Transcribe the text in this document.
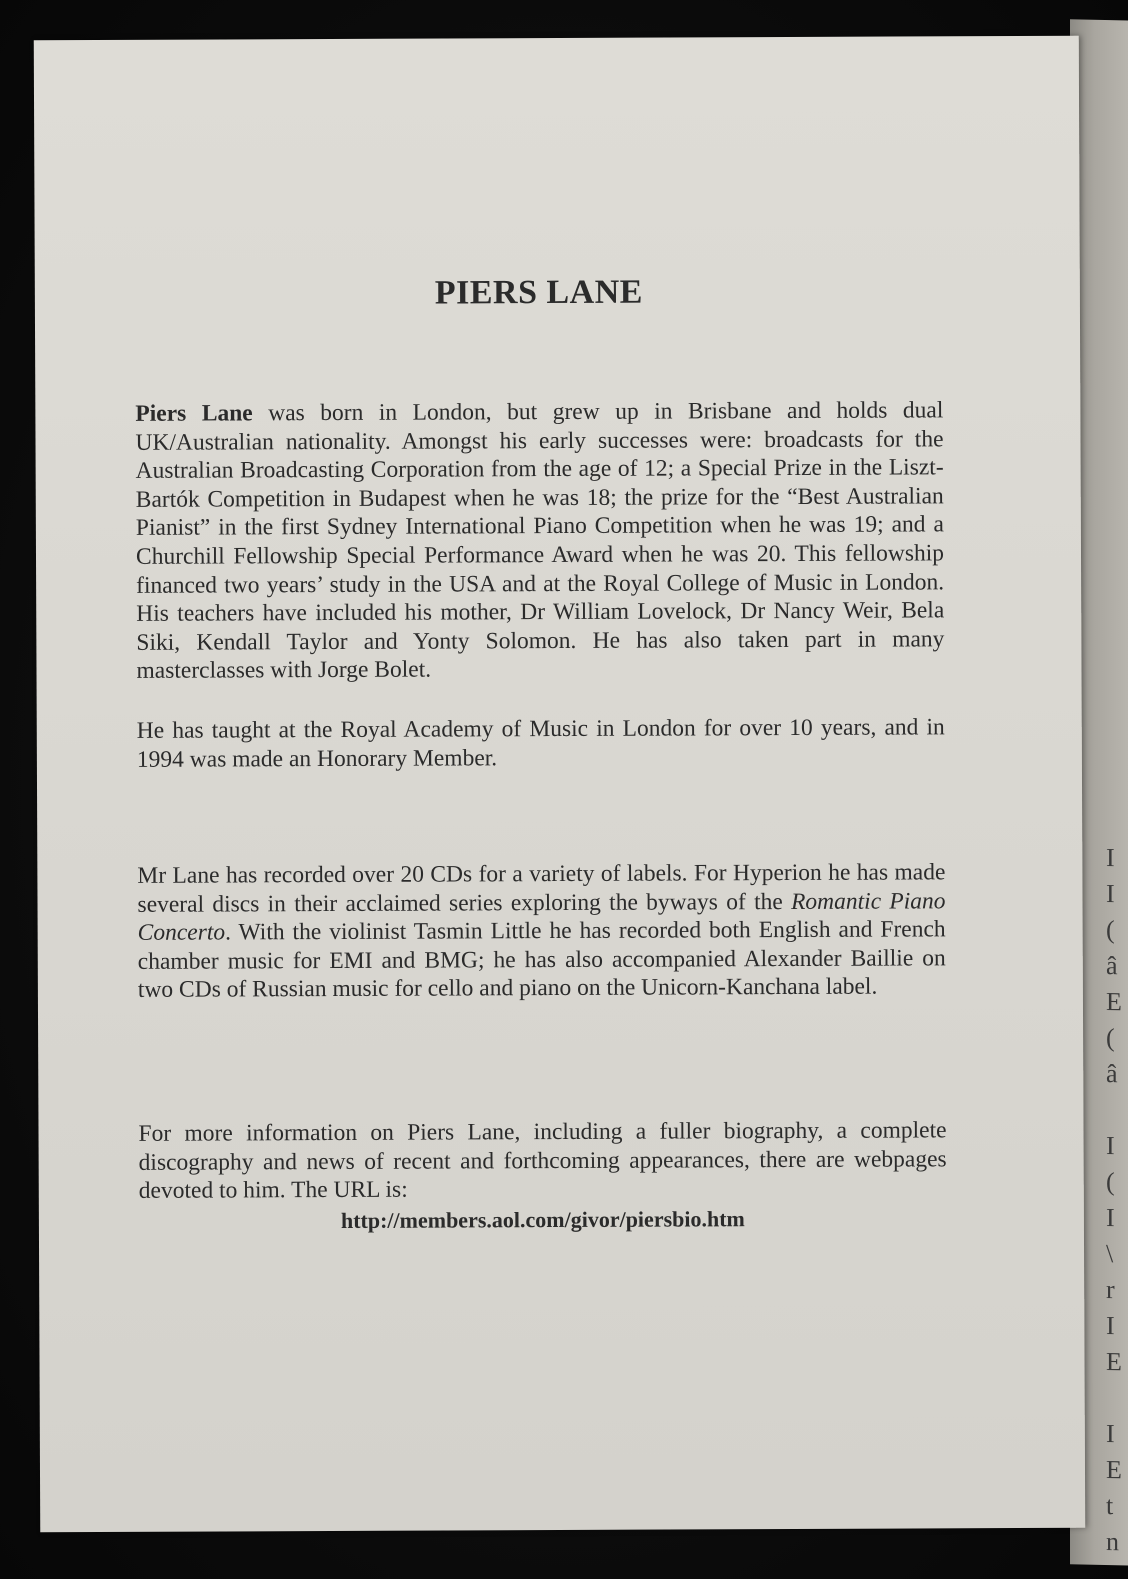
I
I
(
â
E
(
â

I
(
I
\
r
I
E

I
E
t
n
PIERS LANE

Piers Lane was born in London, but grew up in Brisbane and holds dual UK/Australian nationality. Amongst his early successes were: broadcasts for the Australian Broadcasting Corporation from the age of 12; a Special Prize in the Liszt-Bartók Competition in Budapest when he was 18; the prize for the “Best Australian Pianist” in the first Sydney International Piano Competition when he was 19; and a Churchill Fellowship Special Performance Award when he was 20. This fellowship financed two years’ study in the USA and at the Royal College of Music in London. His teachers have included his mother, Dr William Lovelock, Dr Nancy Weir, Bela Siki, Kendall Taylor and Yonty Solomon. He has also taken part in many masterclasses with Jorge Bolet.

He has taught at the Royal Academy of Music in London for over 10 years, and in 1994 was made an Honorary Member.

Mr Lane has recorded over 20 CDs for a variety of labels. For Hyperion he has made several discs in their acclaimed series exploring the byways of the Romantic Piano Concerto. With the violinist Tasmin Little he has recorded both English and French chamber music for EMI and BMG; he has also accompanied Alexander Baillie on two CDs of Russian music for cello and piano on the Unicorn-Kanchana label.

For more information on Piers Lane, including a fuller biography, a complete discography and news of recent and forthcoming appearances, there are webpages devoted to him. The URL is:

http://members.aol.com/givor/piersbio.htm
